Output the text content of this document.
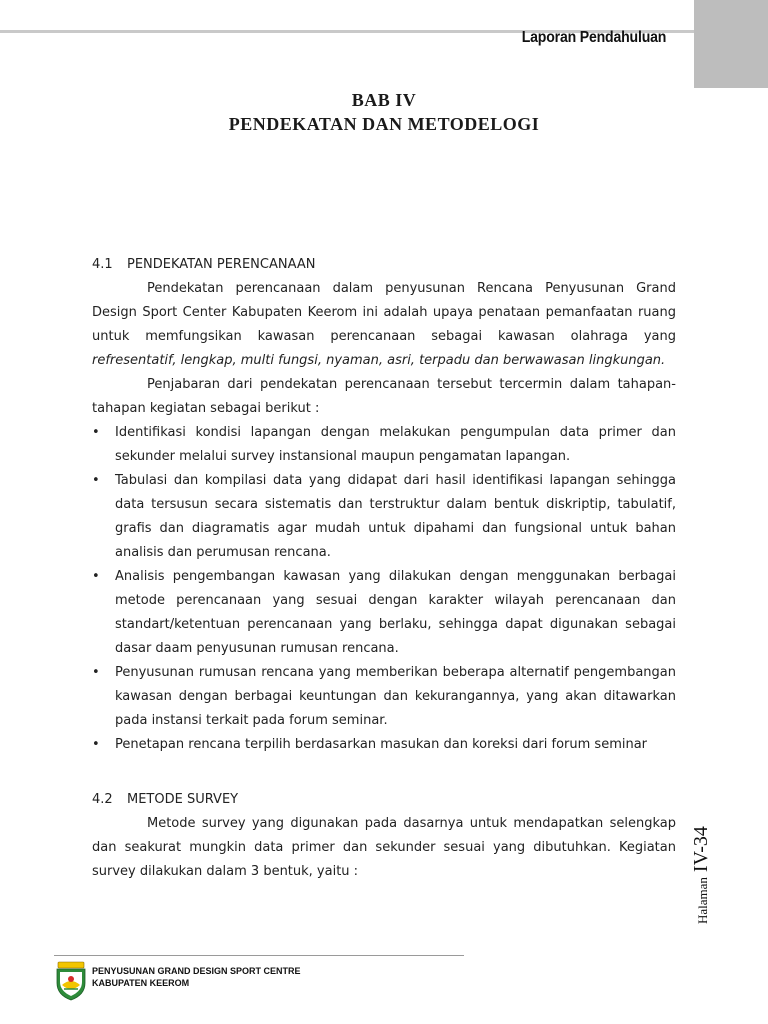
Laporan Pendahuluan
BAB IV
PENDEKATAN DAN METODELOGI
4.1 PENDEKATAN PERENCANAAN

Pendekatan perencanaan dalam penyusunan Rencana Penyusunan Grand Design Sport Center Kabupaten Keerom ini adalah upaya penataan pemanfaatan ruang untuk memfungsikan kawasan perencanaan sebagai kawasan olahraga yang refresentatif, lengkap, multi fungsi, nyaman, asri, terpadu dan berwawasan lingkungan.

Penjabaran dari pendekatan perencanaan tersebut tercermin dalam tahapan-tahapan kegiatan sebagai berikut :

• Identifikasi kondisi lapangan dengan melakukan pengumpulan data primer dan sekunder melalui survey instansional maupun pengamatan lapangan.
• Tabulasi dan kompilasi data yang didapat dari hasil identifikasi lapangan sehingga data tersusun secara sistematis dan terstruktur dalam bentuk diskriptip, tabulatif, grafis dan diagramatis agar mudah untuk dipahami dan fungsional untuk bahan analisis dan perumusan rencana.
• Analisis pengembangan kawasan yang dilakukan dengan menggunakan berbagai metode perencanaan yang sesuai dengan karakter wilayah perencanaan dan standart/ketentuan perencanaan yang berlaku, sehingga dapat digunakan sebagai dasar daam penyusunan rumusan rencana.
• Penyusunan rumusan rencana yang memberikan beberapa alternatif pengembangan kawasan dengan berbagai keuntungan dan kekurangannya, yang akan ditawarkan pada instansi terkait pada forum seminar.
• Penetapan rencana terpilih berdasarkan masukan dan koreksi dari forum seminar
4.2 METODE SURVEY

Metode survey yang digunakan pada dasarnya untuk mendapatkan selengkap dan seakurat mungkin data primer dan sekunder sesuai yang dibutuhkan. Kegiatan survey dilakukan dalam 3 bentuk, yaitu :

HalamanIV-34
PENYUSUNAN GRAND DESIGN SPORT CENTRE
KABUPATEN KEEROM
